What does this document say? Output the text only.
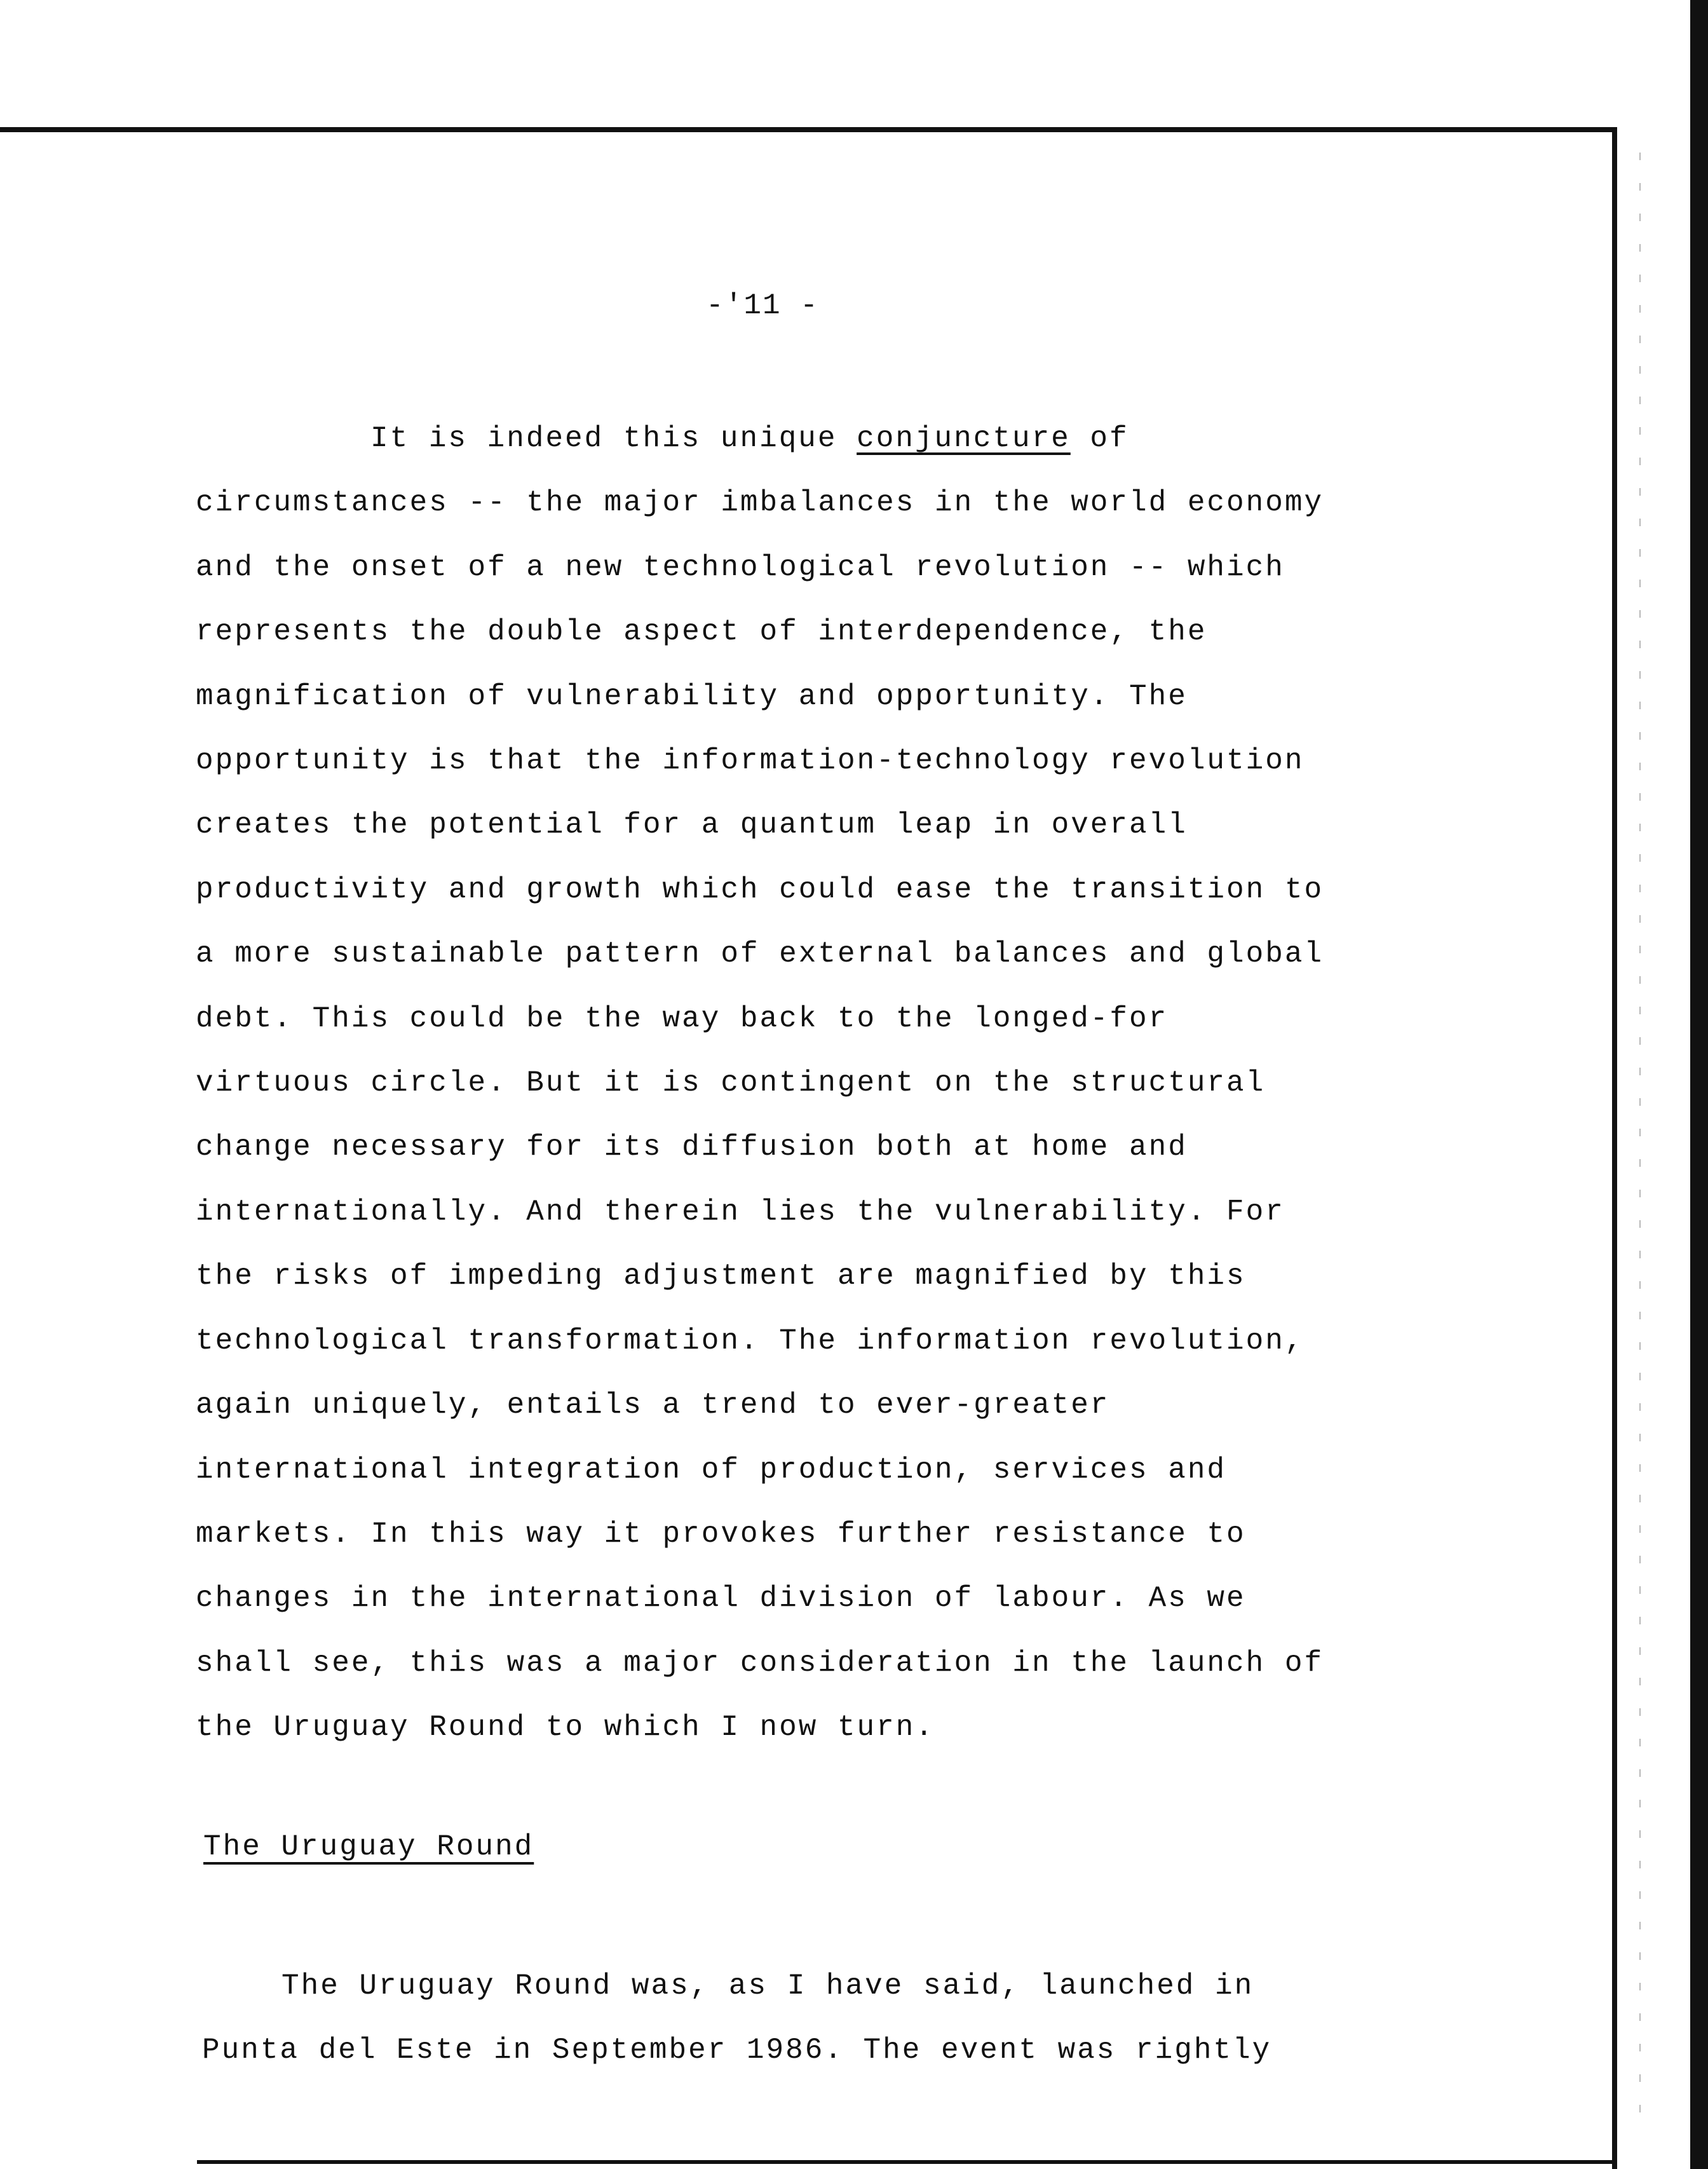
-'11 -
It is indeed this unique conjuncture of
circumstances -- the major imbalances in the world economy
and the onset of a new technological revolution -- which
represents the double aspect of interdependence, the
magnification of vulnerability and opportunity. The
opportunity is that the information-technology revolution
creates the potential for a quantum leap in overall
productivity and growth which could ease the transition to
a more sustainable pattern of external balances and global
debt. This could be the way back to the longed-for
virtuous circle. But it is contingent on the structural
change necessary for its diffusion both at home and
internationally. And therein lies the vulnerability. For
the risks of impeding adjustment are magnified by this
technological transformation. The information revolution,
again uniquely, entails a trend to ever-greater
international integration of production, services and
markets. In this way it provokes further resistance to
changes in the international division of labour. As we
shall see, this was a major consideration in the launch of
the Uruguay Round to which I now turn.
The Uruguay Round
The Uruguay Round was, as I have said, launched in
Punta del Este in September 1986. The event was rightly
